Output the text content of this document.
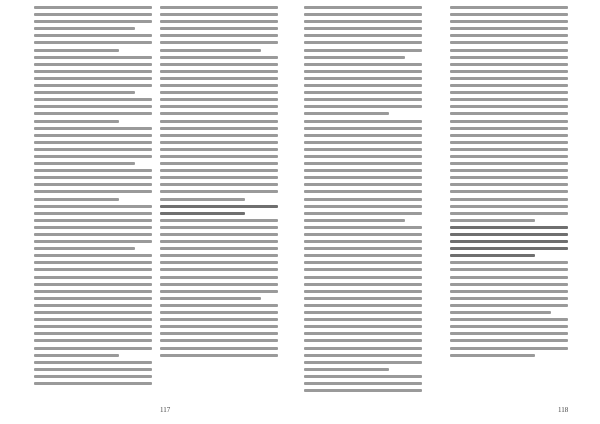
117	118
